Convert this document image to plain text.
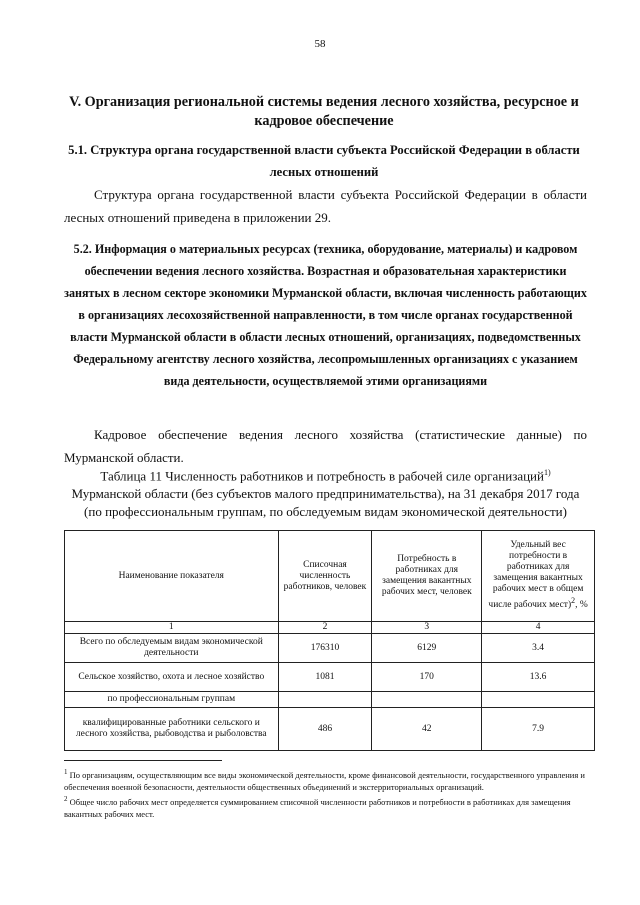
58
V. Организация региональной системы ведения лесного хозяйства, ресурсное и кадровое обеспечение
5.1. Структура органа государственной власти субъекта Российской Федерации в области лесных отношений
Структура органа государственной власти субъекта Российской Федерации в области лесных отношений приведена в приложении 29.
5.2. Информация о материальных ресурсах (техника, оборудование, материалы) и кадровом обеспечении ведения лесного хозяйства. Возрастная и образовательная характеристики занятых в лесном секторе экономики Мурманской области, включая численность работающих в организациях лесохозяйственной направленности, в том числе органах государственной власти Мурманской области в области лесных отношений, организациях, подведомственных Федеральному агентству лесного хозяйства, лесопромышленных организациях с указанием вида деятельности, осуществляемой этими организациями
Кадровое обеспечение ведения лесного хозяйства (статистические данные) по Мурманской области.
Таблица 11 Численность работников и потребность в рабочей силе организаций$^{1)}$ Мурманской области (без субъектов малого предпринимательства), на 31 декабря 2017 года (по профессиональным группам, по обследуемым видам экономической деятельности)
Наименование показателя	Списочная численность работников, человек	Потребность в работниках для замещения вакантных рабочих мест, человек	Удельный вес потребности в работниках для замещения вакантных рабочих мест в общем числе рабочих мест)$^2$, %
1	2	3	4
Всего по обследуемым видам экономической деятельности	176310	6129	3.4
Сельское хозяйство, охота и лесное хозяйство	1081	170	13.6
по профессиональным группам			
квалифицированные работники сельского и лесного хозяйства, рыбоводства и рыболовства	486	42	7.9

$^1$ По организациям, осуществляющим все виды экономической деятельности, кроме финансовой деятельности, государственного управления и обеспечения военной безопасности, деятельности общественных объединений и экстерриториальных организаций.

$^2$ Общее число рабочих мест определяется суммированием списочной численности работников и потребности в работниках для замещения вакантных рабочих мест.
